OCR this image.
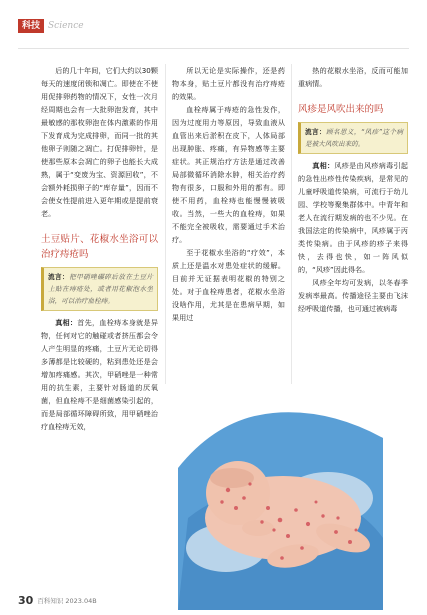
科技 Science

后的几十年间，它们大约以30颗每天的速度闭锁和凋亡。即使在不使用促排卵药物的情况下，女性一次月经周期也会有一大批卵泡发育，其中最敏感的那枚卵泡在体内激素的作用下发育成为完成排卵，而同一批的其他卵子则随之凋亡。打促排卵针，是使那些原本会凋亡的卵子也能长大成熟，属于“变废为宝、资源回收”，不会额外耗损卵子的“库存量”，因而不会使女性提前进入更年期或是提前衰老。

土豆贴片、花椒水坐浴可以治疗痔疮吗
流言：把甲硝唑碾碎后放在土豆片上贴在痔疮处，或者用花椒泡水坐浴，可以治疗血栓痔。

真相：首先，血栓痔本身就是异物，任何对它的触碰或者挤压都会令人产生明显的疼痛，土豆片无论切得多薄都是比较硬的，粘到患处还是会增加疼痛感。其次，甲硝唑是一种常用的抗生素，主要针对肠道的厌氧菌，但血栓痔不是细菌感染引起的，而是局部循环障碍所致，用甲硝唑治疗血栓痔无效，

所以无论是实际操作，还是药物本身，贴土豆片都没有治疗痔疮的效果。

血栓痔属于痔疮的急性发作，因为过度用力等原因，导致血液从血管出来后淤积在皮下，人体局部出现肿胀、疼痛，有异物感等主要症状。其正规治疗方法是通过改善局部微循环消除水肿，相关治疗药物有很多，口服和外用的都有。即使不用药，血栓痔也能慢慢被吸收。当然，一些大的血栓痔，如果不能完全被吸收，需要通过手术治疗。

至于花椒水坐浴的“疗效”，本质上还是温水对患处症状的缓解。目前并无证据表明花椒的特别之处。对于血栓痔患者，花椒水坐浴没啥作用，尤其是在患病早期，如果用过

热的花椒水坐浴，反而可能加重病情。

风疹是风吹出来的吗
流言：顾名思义，“风疹”这个病是被大风吹出来的。

真相：风疹是由风疹病毒引起的急性出疹性传染疾病，是常见的儿童呼吸道传染病，可流行于幼儿园、学校等聚集群体中。中青年和老人在流行期发病的也不少见。在我国法定的传染病中，风疹属于丙类传染病。由于风疹的疹子来得快，去得也快，如一阵风似的，“风疹”因此得名。

风疹全年均可发病，以冬春季发病率最高。传播途径主要由飞沫经呼吸道传播，也可通过被病毒

30 百科知识 2023.04B
